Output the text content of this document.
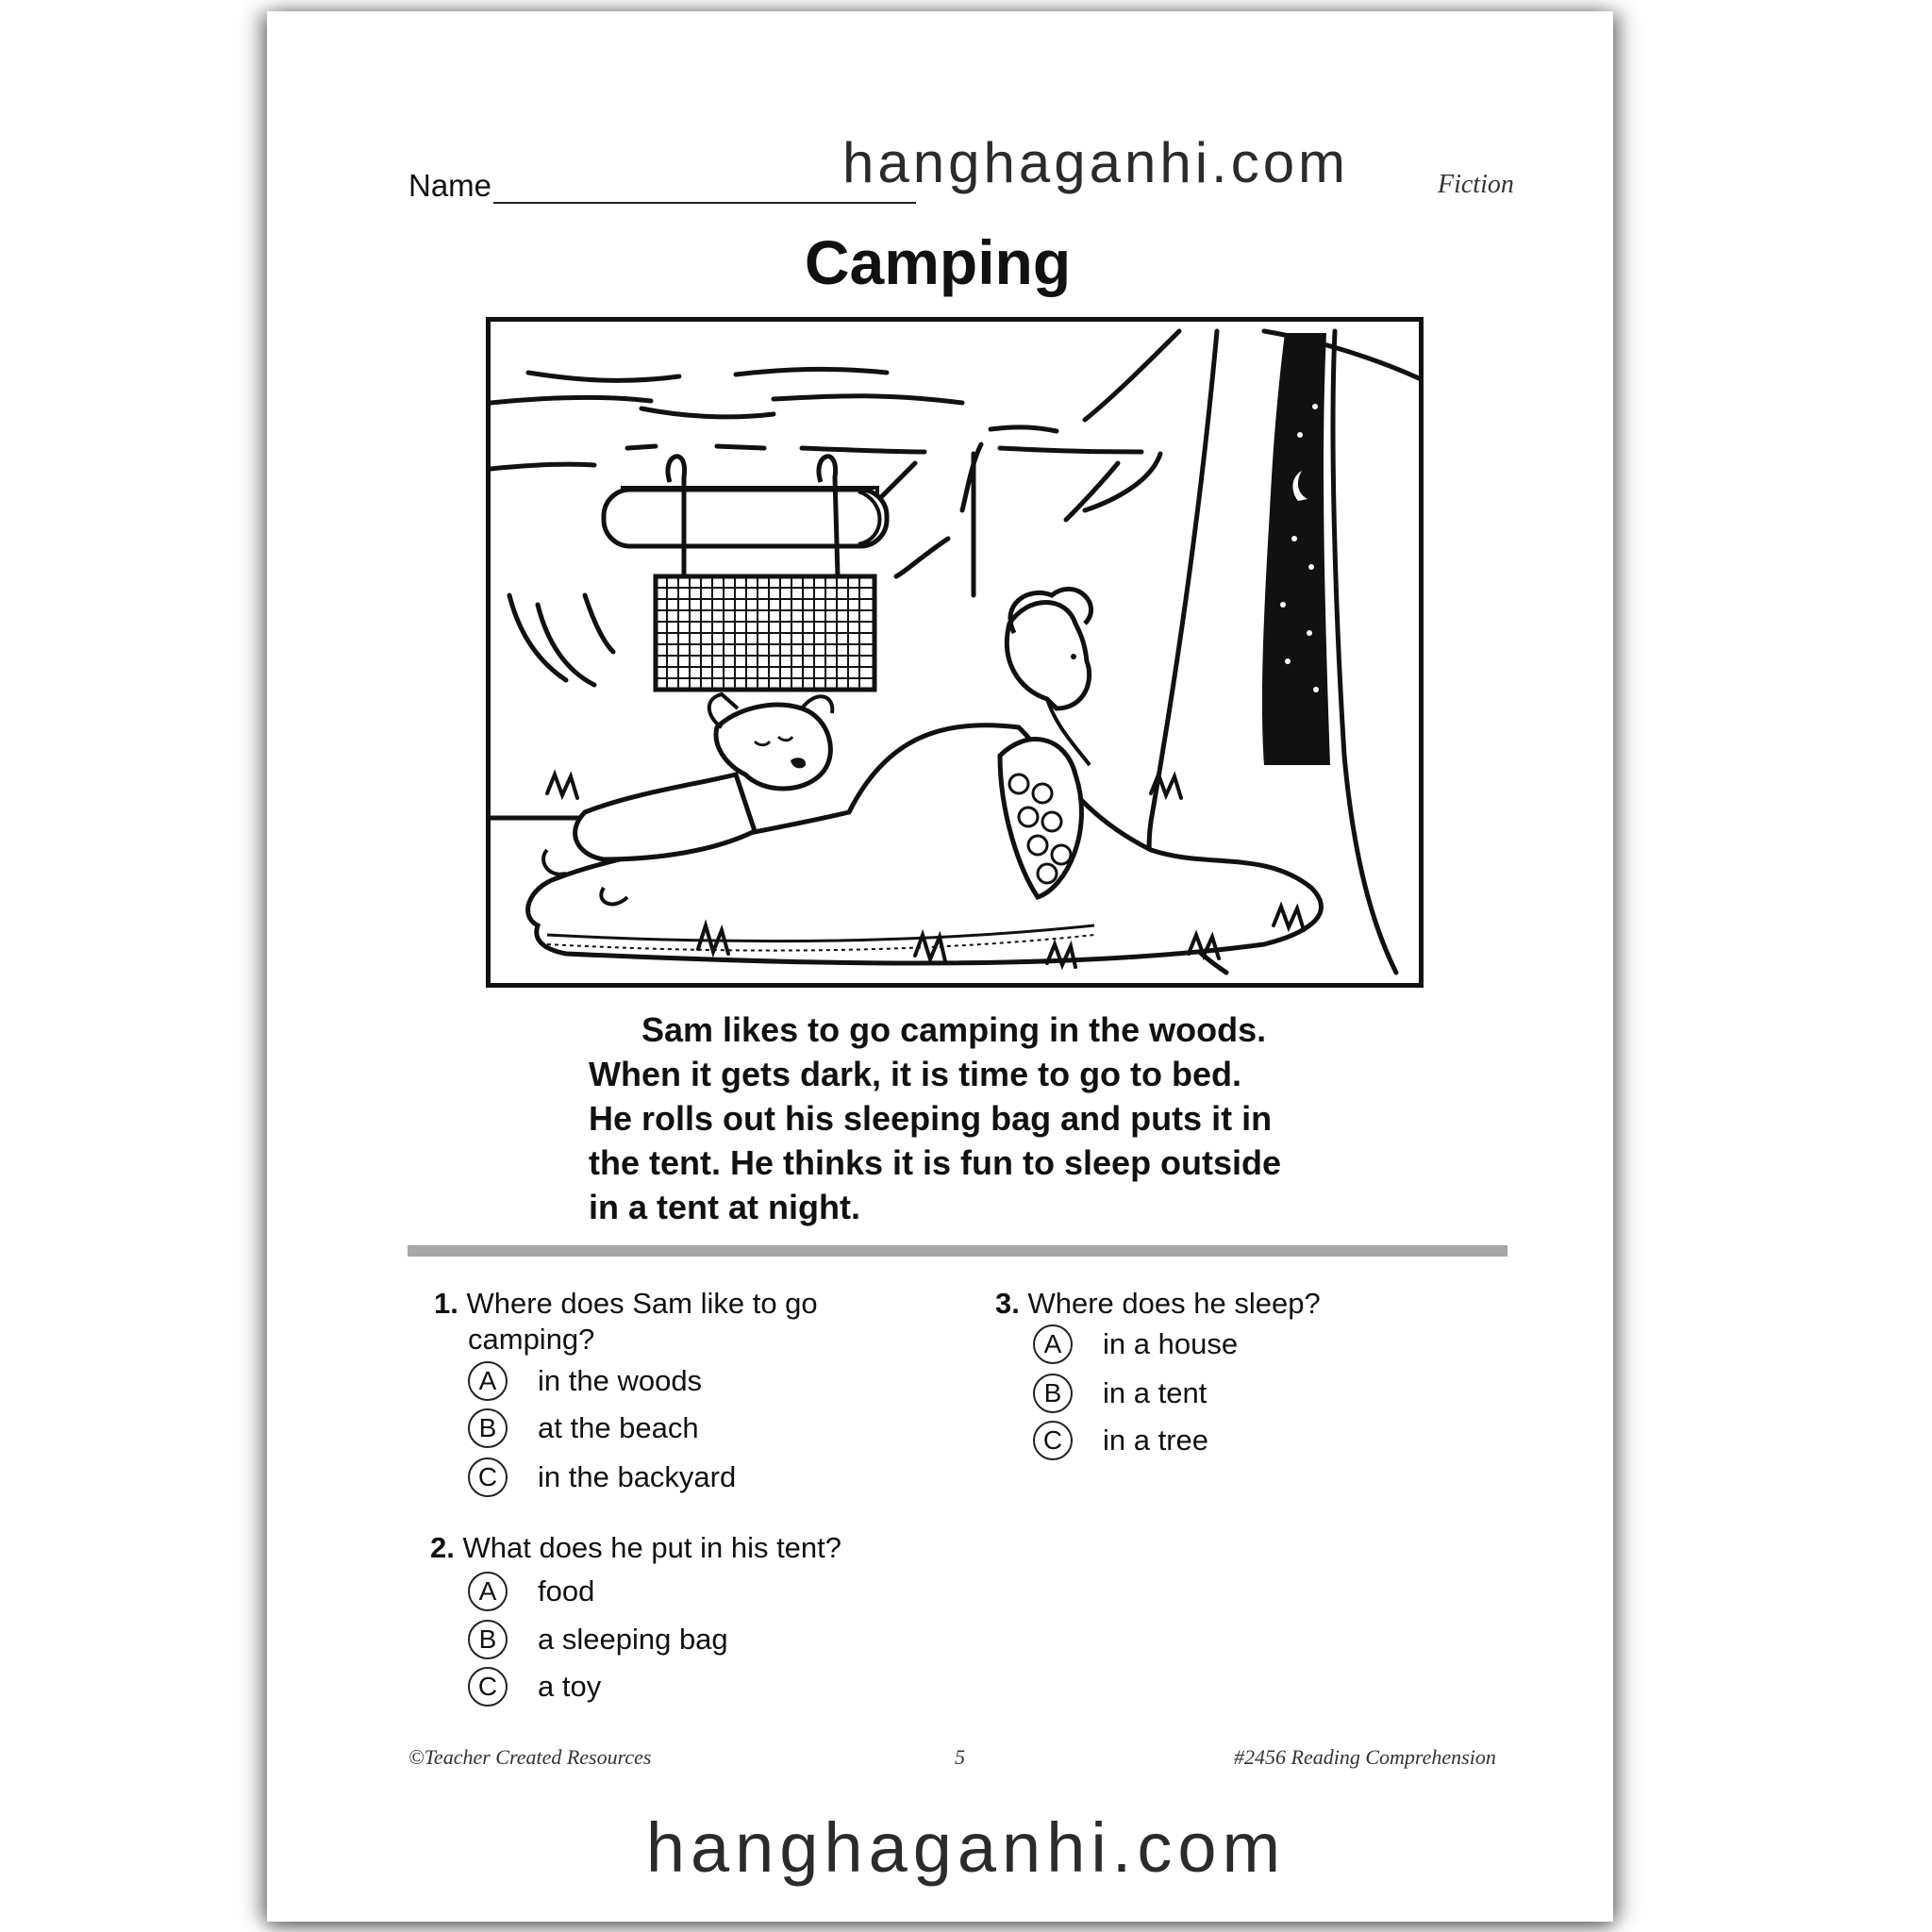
Name	hanghaganhi.com	Fiction
Camping

Sam likes to go camping in the woods.

When it gets dark, it is time to go to bed.

He rolls out his sleeping bag and puts it in

the tent. He thinks it is fun to sleep outside

in a tent at night.

1. Where does Sam like to go
camping?
A	in the woods
B	at the beach
C	in the backyard
2. What does he put in his tent?
A	food
B	a sleeping bag
C	a toy
3. Where does he sleep?
A	in a house
B	in a tent
C	in a tree
©Teacher Created Resources	5	#2456 Reading Comprehension
hanghaganhi.com
